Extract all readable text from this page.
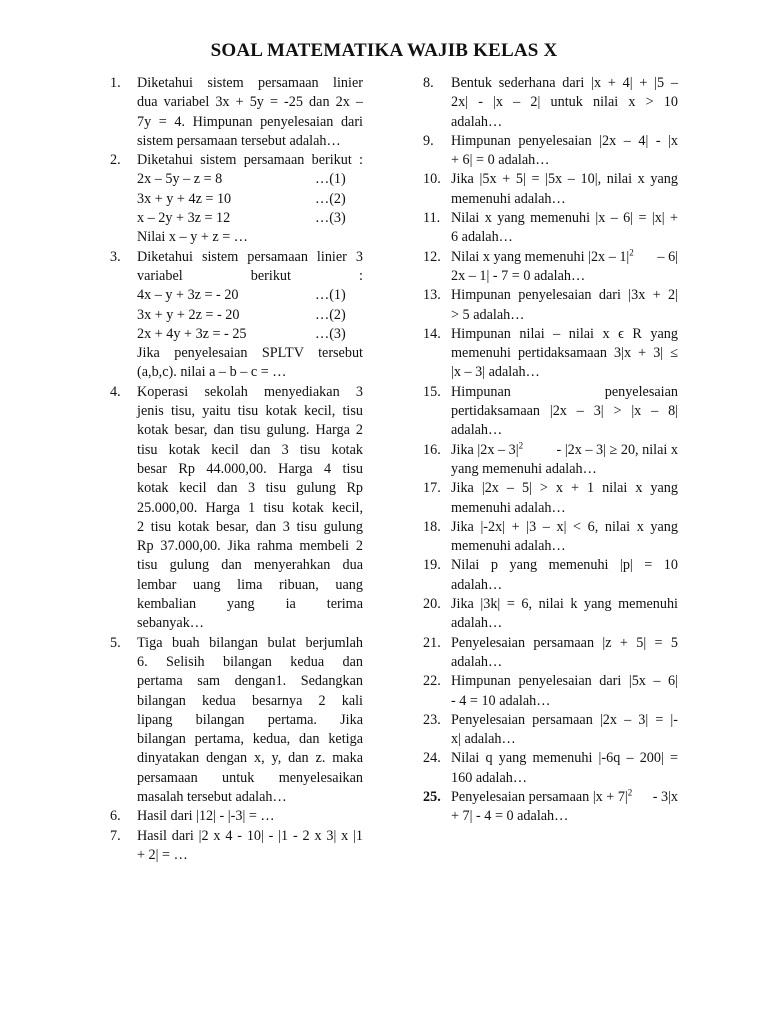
SOAL MATEMATIKA WAJIB KELAS X
1.	Diketahui sistem persamaan linier
dua variabel 3x + 5y = -25 dan 2x –
7y = 4. Himpunan penyelesaian dari
sistem persamaan tersebut adalah…
2.	Diketahui sistem persamaan berikut :
2x – 5y – z = 8	…(1)
3x + y + 4z = 10	…(2)
x – 2y + 3z = 12	…(3)
Nilai x – y + z = …
3.	Diketahui sistem persamaan linier 3
variabel berikut :
4x – y + 3z = - 20	…(1)
3x + y + 2z = - 20	…(2)
2x + 4y + 3z = - 25	…(3)
Jika penyelesaian SPLTV tersebut
(a,b,c). nilai a – b – c = …
4.	Koperasi sekolah menyediakan 3
jenis tisu, yaitu tisu kotak kecil, tisu
kotak besar, dan tisu gulung. Harga 2
tisu kotak kecil dan 3 tisu kotak
besar Rp 44.000,00. Harga 4 tisu
kotak kecil dan 3 tisu gulung Rp
25.000,00. Harga 1 tisu kotak kecil,
2 tisu kotak besar, dan 3 tisu gulung
Rp 37.000,00. Jika rahma membeli 2
tisu gulung dan menyerahkan dua
lembar uang lima ribuan, uang
kembalian yang ia terima
sebanyak…
5.	Tiga buah bilangan bulat berjumlah
6. Selisih bilangan kedua dan
pertama sam dengan1. Sedangkan
bilangan kedua besarnya 2 kali
lipang bilangan pertama. Jika
bilangan pertama, kedua, dan ketiga
dinyatakan dengan x, y, dan z. maka
persamaan untuk menyelesaikan
masalah tersebut adalah…
6.	Hasil dari |12| - |-3| = …
7.	Hasil dari |2 x 4 - 10| - |1 - 2 x 3| x |1
+ 2| = …
8.	Bentuk sederhana dari |x + 4| + |5 –
2x| - |x – 2| untuk nilai x > 10
adalah…
9.	Himpunan penyelesaian |2x – 4| - |x
+ 6| = 0 adalah…
10. Jika |5x + 5| = |5x – 10|, nilai x yang
memenuhi adalah…
11. Nilai x yang memenuhi |x – 6| = |x| +
6 adalah…
12. Nilai x yang memenuhi $|2x - 1|^2 - 6|$
2x – 1| - 7 = 0 adalah…
13. Himpunan penyelesaian dari |3x + 2|
> 5 adalah…
14. Himpunan nilai – nilai x ϵ R yang
memenuhi pertidaksamaan 3|x + 3| ≤
|x – 3| adalah…
15. Himpunan penyelesaian
pertidaksamaan |2x – 3| > |x – 8|
adalah…
16. Jika $|2x - 3|^2 - |2x - 3| \ge 20$, nilai x
yang memenuhi adalah…
17. Jika |2x – 5| > x + 1 nilai x yang
memenuhi adalah…
18. Jika |-2x| + |3 – x| < 6, nilai x yang
memenuhi adalah…
19. Nilai p yang memenuhi |p| = 10
adalah…
20. Jika |3k| = 6, nilai k yang memenuhi
adalah…
21. Penyelesaian persamaan |z + 5| = 5
adalah…
22. Himpunan penyelesaian dari |5x – 6|
- 4 = 10 adalah…
23. Penyelesaian persamaan |2x – 3| = |-
x| adalah…
24. Nilai q yang memenuhi |-6q – 200| =
160 adalah…
25. Penyelesaian persamaan $|x + 7|^2 - 3|x$
+ 7| - 4 = 0 adalah…
